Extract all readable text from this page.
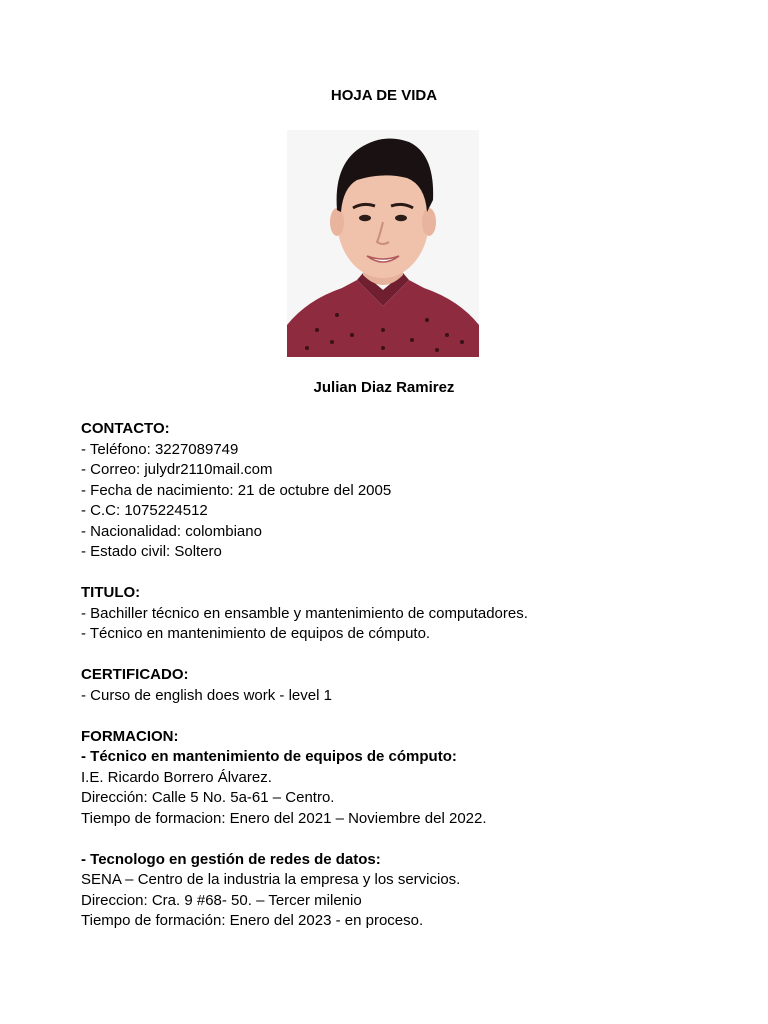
HOJA DE VIDA
Julian Diaz Ramirez
CONTACTO:
- Teléfono: 3227089749
- Correo: julydr2110mail.com
- Fecha de nacimiento: 21 de octubre del 2005
- C.C: 1075224512
- Nacionalidad: colombiano
- Estado civil: Soltero
TITULO:
- Bachiller técnico en ensamble y mantenimiento de computadores.
- Técnico en mantenimiento de equipos de cómputo.
CERTIFICADO:
- Curso de english does work - level 1
FORMACION:
- Técnico en mantenimiento de equipos de cómputo:
I.E. Ricardo Borrero Álvarez.
Dirección: Calle 5 No. 5a-61 – Centro.
Tiempo de formacion: Enero del 2021 – Noviembre del 2022.
- Tecnologo en gestión de redes de datos:
SENA – Centro de la industria la empresa y los servicios.
Direccion: Cra. 9 #68- 50. – Tercer milenio
Tiempo de formación: Enero del 2023 - en proceso.
